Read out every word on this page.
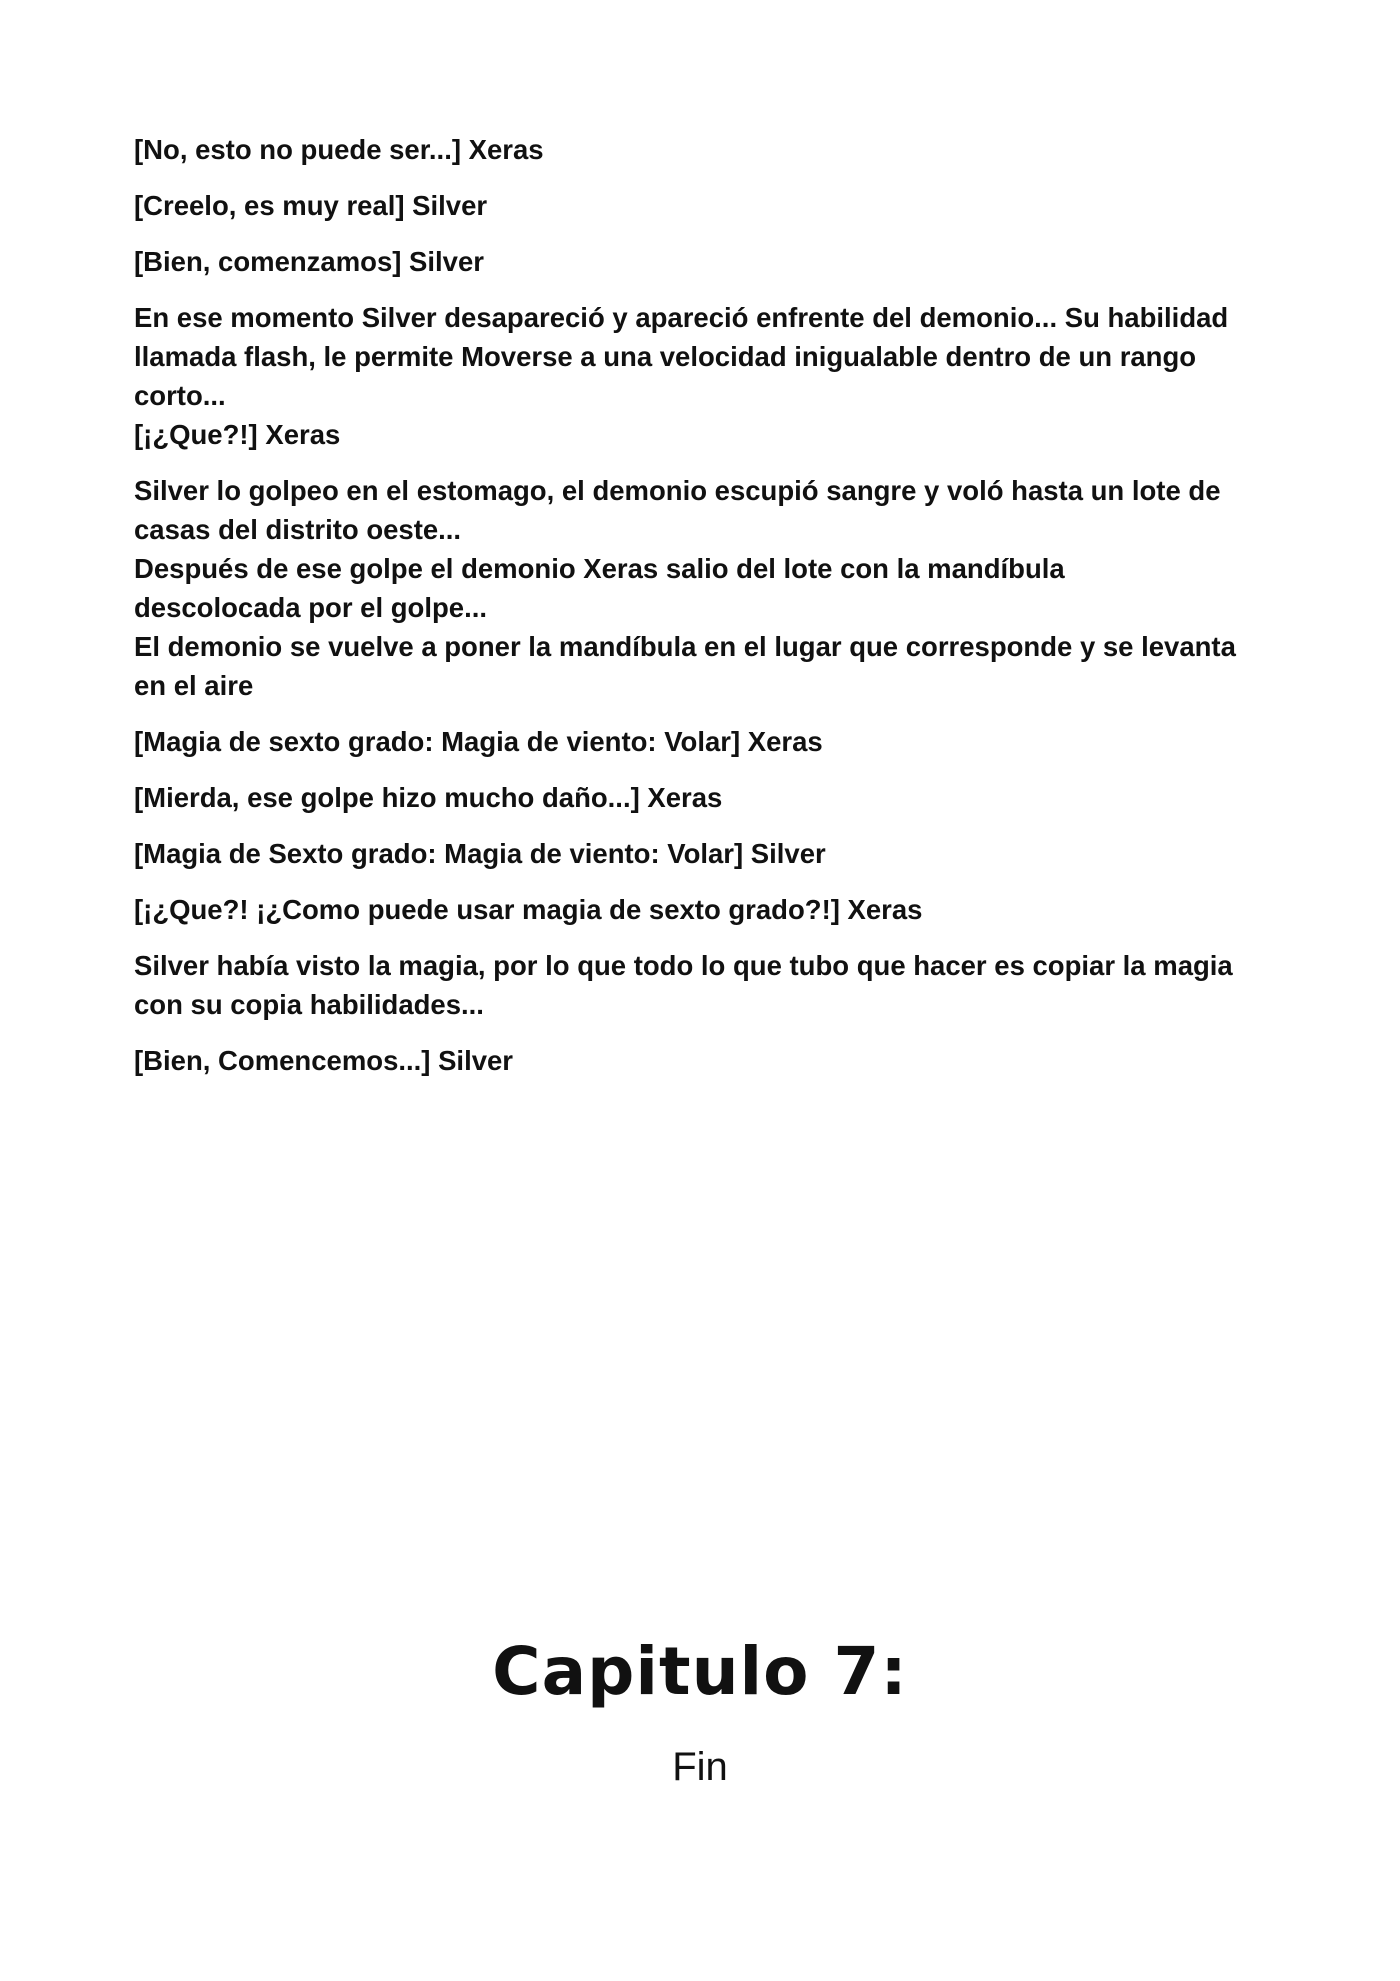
[No, esto no puede ser...] Xeras
[Creelo, es muy real] Silver
[Bien, comenzamos] Silver
En ese momento Silver desapareció y apareció enfrente del demonio... Su habilidad
llamada flash, le permite Moverse a una velocidad inigualable dentro de un rango
corto...
[¡¿Que?!] Xeras
Silver lo golpeo en el estomago, el demonio escupió sangre y voló hasta un lote de
casas del distrito oeste...
Después de ese golpe el demonio Xeras salio del lote con la mandíbula
descolocada por el golpe...
El demonio se vuelve a poner la mandíbula en el lugar que corresponde y se levanta
en el aire
[Magia de sexto grado: Magia de viento: Volar] Xeras
[Mierda, ese golpe hizo mucho daño...] Xeras
[Magia de Sexto grado: Magia de viento: Volar] Silver
[¡¿Que?! ¡¿Como puede usar magia de sexto grado?!] Xeras
Silver había visto la magia, por lo que todo lo que tubo que hacer es copiar la magia
con su copia habilidades...
[Bien, Comencemos...] Silver
Capitulo 7:
Fin
